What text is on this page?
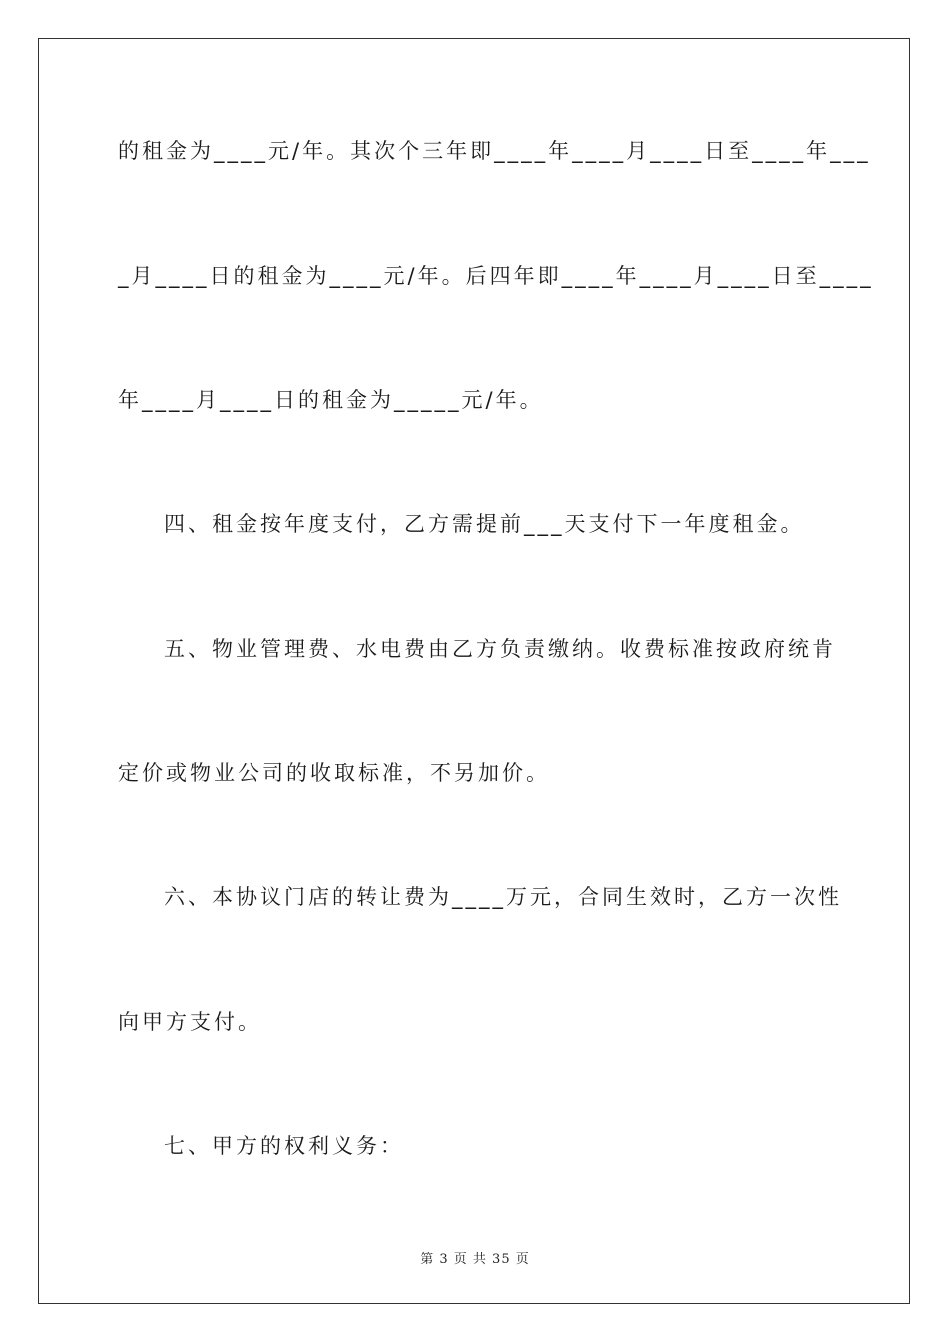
的租金为____元/年。其次个三年即____年____月____日至____年___
_月____日的租金为____元/年。后四年即____年____月____日至____
年____月____日的租金为_____元/年。
四、租金按年度支付，乙方需提前___天支付下一年度租金。
五、物业管理费、水电费由乙方负责缴纳。收费标准按政府统肯
定价或物业公司的收取标准，不另加价。
六、本协议门店的转让费为____万元，合同生效时，乙方一次性
向甲方支付。
七、甲方的权利义务：
第 3 页 共 35 页
